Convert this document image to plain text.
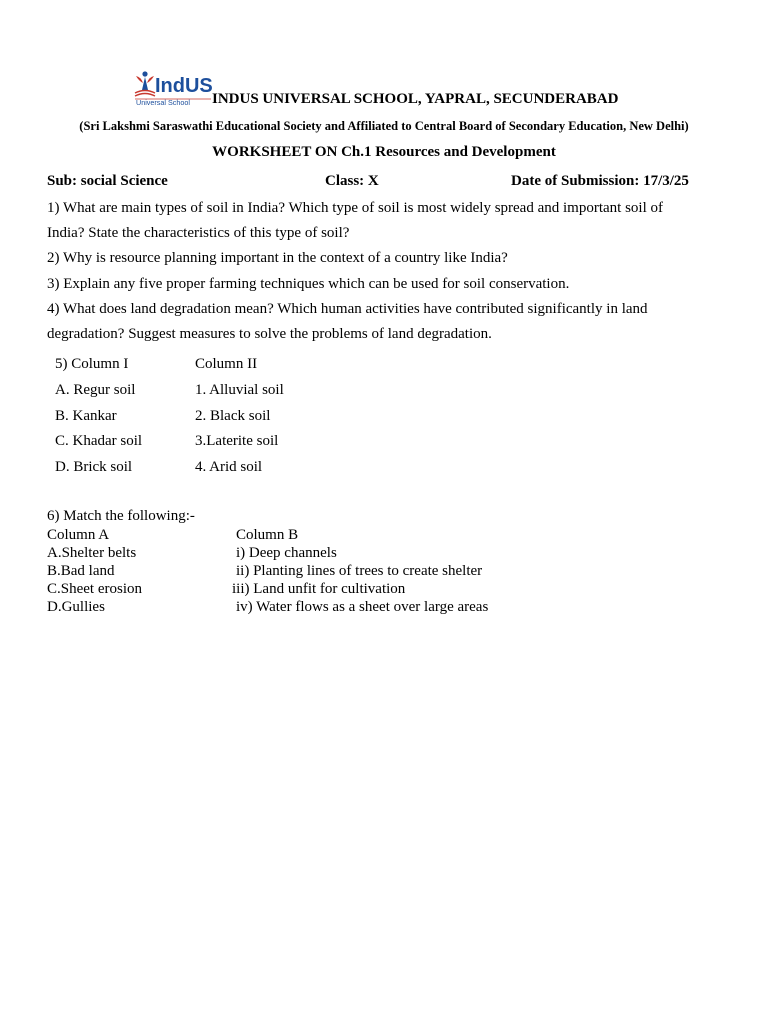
IndUS
Universal School INDUS UNIVERSAL SCHOOL, YAPRAL, SECUNDERABAD
(Sri Lakshmi Saraswathi Educational Society and Affiliated to Central Board of Secondary Education, New Delhi)
WORKSHEET ON Ch.1 Resources and Development
Sub: social Science	Class: X	Date of Submission: 17/3/25
1) What are main types of soil in India? Which type of soil is most widely spread and important soil of
India? State the characteristics of this type of soil?
2) Why is resource planning important in the context of a country like India?
3) Explain any five proper farming techniques which can be used for soil conservation.
4) What does land degradation mean? Which human activities have contributed significantly in land
degradation? Suggest measures to solve the problems of land degradation.
5) Column I	Column II
A. Regur soil	1. Alluvial soil
B. Kankar	2. Black soil
C. Khadar soil	3.Laterite soil
D. Brick soil	4. Arid soil
6) Match the following:-
Column A	Column B
A.Shelter belts	i) Deep channels
B.Bad land	ii) Planting lines of trees to create shelter
C.Sheet erosion	iii) Land unfit for cultivation
D.Gullies	iv) Water flows as a sheet over large areas
